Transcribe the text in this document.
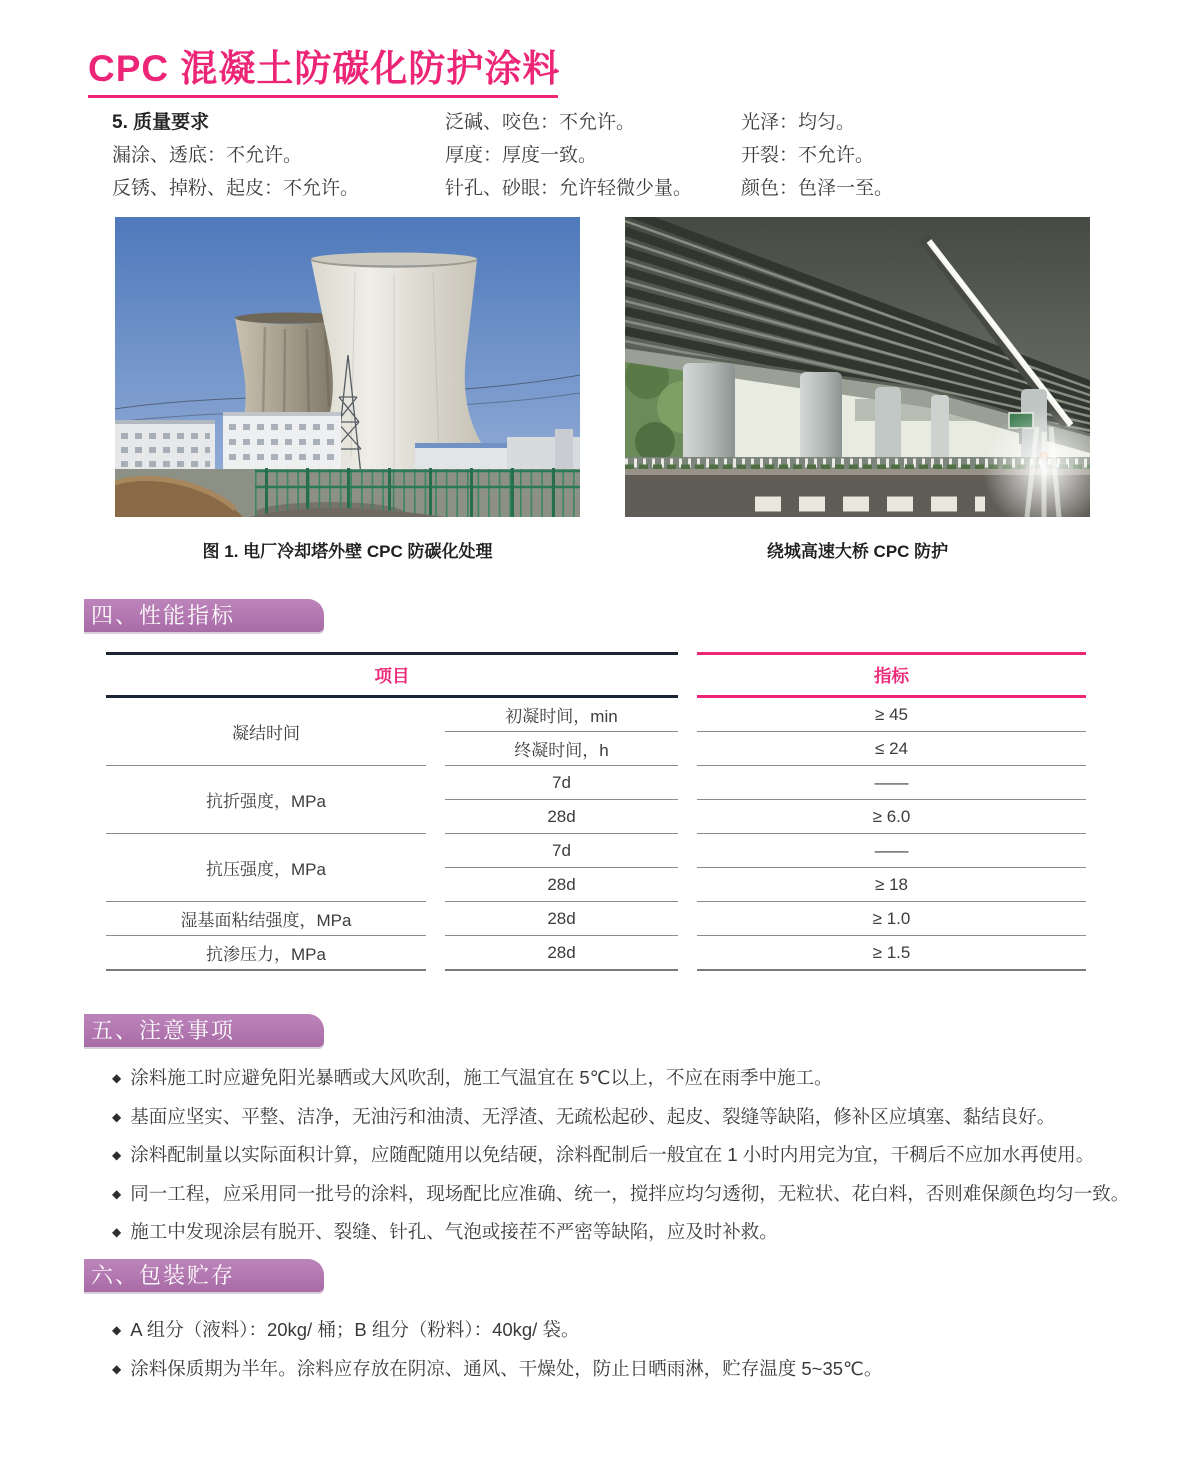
CPC 混凝土防碳化防护涂料
5. 质量要求
漏涂、透底：不允许。
反锈、掉粉、起皮：不允许。
泛碱、咬色：不允许。
厚度：厚度一致。
针孔、砂眼：允许轻微少量。
光泽：均匀。
开裂：不允许。
颜色：色泽一至。
图 1. 电厂冷却塔外壁 CPC 防碳化处理	绕城高速大桥 CPC 防护
四、性能指标
项目		指标
凝结时间	初凝时间，min	≥ 45
	终凝时间，h	≤ 24
抗折强度，MPa	7d	——
	28d	≥ 6.0
抗压强度，MPa	7d	——
	28d	≥ 18
湿基面粘结强度，MPa	28d	≥ 1.0
抗渗压力，MPa	28d	≥ 1.5
五、注意事项
◆ 涂料施工时应避免阳光暴晒或大风吹刮，施工气温宜在 5℃以上，不应在雨季中施工。
◆ 基面应坚实、平整、洁净，无油污和油渍、无浮渣、无疏松起砂、起皮、裂缝等缺陷，修补区应填塞、黏结良好。
◆ 涂料配制量以实际面积计算，应随配随用以免结硬，涂料配制后一般宜在 1 小时内用完为宜，干稠后不应加水再使用。
◆ 同一工程，应采用同一批号的涂料，现场配比应准确、统一，搅拌应均匀透彻，无粒状、花白料，否则难保颜色均匀一致。
◆ 施工中发现涂层有脱开、裂缝、针孔、气泡或接茬不严密等缺陷，应及时补救。
六、包装贮存
◆ A 组分（液料）：20kg/ 桶；B 组分（粉料）：40kg/ 袋。
◆ 涂料保质期为半年。涂料应存放在阴凉、通风、干燥处，防止日晒雨淋，贮存温度 5~35℃。
